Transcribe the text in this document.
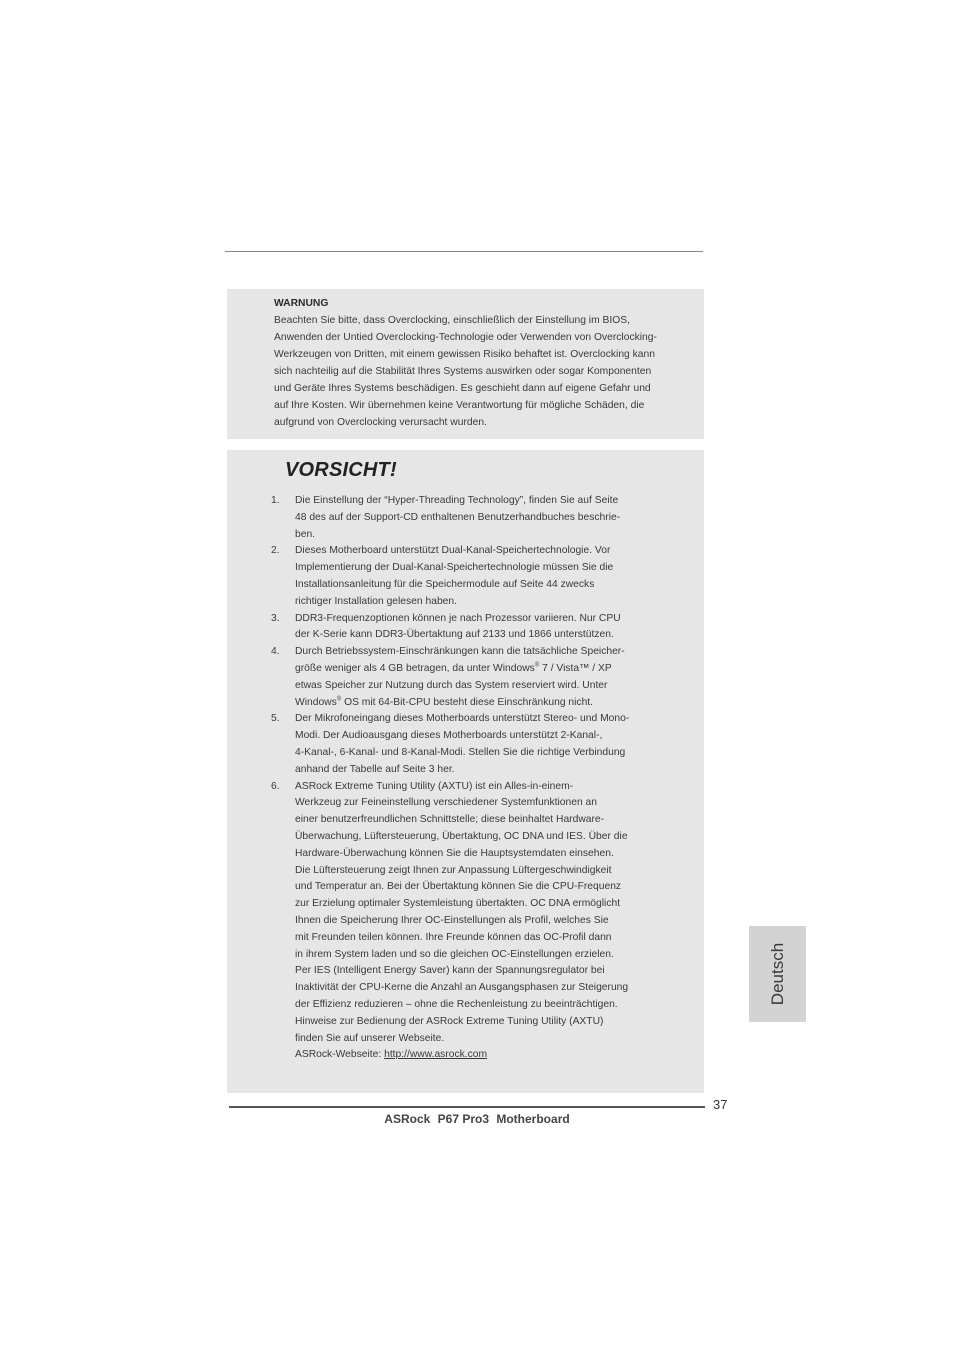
WARNUNG
Beachten Sie bitte, dass Overclocking, einschließlich der Einstellung im BIOS,
Anwenden der Untied Overclocking-Technologie oder Verwenden von Overclocking-
Werkzeugen von Dritten, mit einem gewissen Risiko behaftet ist. Overclocking kann
sich nachteilig auf die Stabilität Ihres Systems auswirken oder sogar Komponenten
und Geräte Ihres Systems beschädigen. Es geschieht dann auf eigene Gefahr und
auf Ihre Kosten. Wir übernehmen keine Verantwortung für mögliche Schäden, die
aufgrund von Overclocking verursacht wurden.
VORSICHT!
1. Die Einstellung der “Hyper-Threading Technology”, finden Sie auf Seite
48 des auf der Support-CD enthaltenen Benutzerhandbuches beschrie-
ben.
2. Dieses Motherboard unterstützt Dual-Kanal-Speichertechnologie. Vor
Implementierung der Dual-Kanal-Speichertechnologie müssen Sie die
Installationsanleitung für die Speichermodule auf Seite 44 zwecks
richtiger Installation gelesen haben.
3. DDR3-Frequenzoptionen können je nach Prozessor variieren. Nur CPU
der K-Serie kann DDR3-Übertaktung auf 2133 und 1866 unterstützen.
4. Durch Betriebssystem-Einschränkungen kann die tatsächliche Speicher-
größe weniger als 4 GB betragen, da unter Windows® 7 / Vista™ / XP
etwas Speicher zur Nutzung durch das System reserviert wird. Unter
Windows® OS mit 64-Bit-CPU besteht diese Einschränkung nicht.
5. Der Mikrofoneingang dieses Motherboards unterstützt Stereo- und Mono-
Modi. Der Audioausgang dieses Motherboards unterstützt 2-Kanal-,
4-Kanal-, 6-Kanal- und 8-Kanal-Modi. Stellen Sie die richtige Verbindung
anhand der Tabelle auf Seite 3 her.
6. ASRock Extreme Tuning Utility (AXTU) ist ein Alles-in-einem-
Werkzeug zur Feineinstellung verschiedener Systemfunktionen an
einer benutzerfreundlichen Schnittstelle; diese beinhaltet Hardware-
Überwachung, Lüftersteuerung, Übertaktung, OC DNA und IES. Über die
Hardware-Überwachung können Sie die Hauptsystemdaten einsehen.
Die Lüftersteuerung zeigt Ihnen zur Anpassung Lüftergeschwindigkeit
und Temperatur an. Bei der Übertaktung können Sie die CPU-Frequenz
zur Erzielung optimaler Systemleistung übertakten. OC DNA ermöglicht
Ihnen die Speicherung Ihrer OC-Einstellungen als Profil, welches Sie
mit Freunden teilen können. Ihre Freunde können das OC-Profil dann
in ihrem System laden und so die gleichen OC-Einstellungen erzielen.
Per IES (Intelligent Energy Saver) kann der Spannungsregulator bei
Inaktivität der CPU-Kerne die Anzahl an Ausgangsphasen zur Steigerung
der Effizienz reduzieren – ohne die Rechenleistung zu beeinträchtigen.
Hinweise zur Bedienung der ASRock Extreme Tuning Utility (AXTU)
finden Sie auf unserer Webseite.
ASRock-Webseite: http://www.asrock.com
Deutsch
37
ASRock P67 Pro3 Motherboard
